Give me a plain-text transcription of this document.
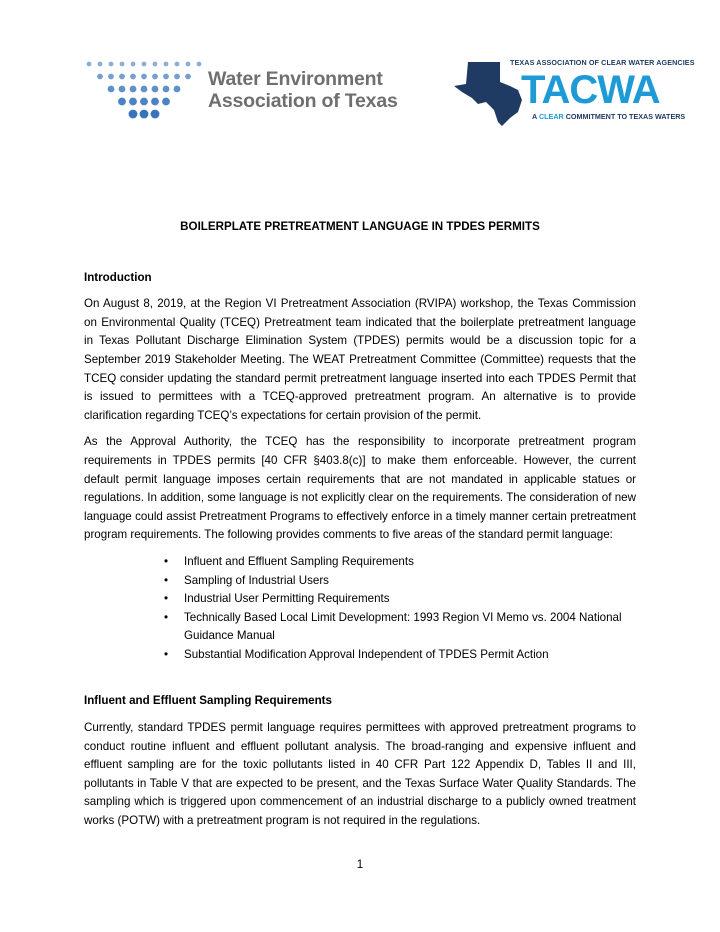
Water Environment
Association of Texas
TEXAS ASSOCIATION OF CLEAR WATER AGENCIES
TACWA
A CLEAR COMMITMENT TO TEXAS WATERS
BOILERPLATE PRETREATMENT LANGUAGE IN TPDES PERMITS
Introduction

On August 8, 2019, at the Region VI Pretreatment Association (RVIPA) workshop, the Texas Commission on Environmental Quality (TCEQ) Pretreatment team indicated that the boilerplate pretreatment language in Texas Pollutant Discharge Elimination System (TPDES) permits would be a discussion topic for a September 2019 Stakeholder Meeting. The WEAT Pretreatment Committee (Committee) requests that the TCEQ consider updating the standard permit pretreatment language inserted into each TPDES Permit that is issued to permittees with a TCEQ-approved pretreatment program. An alternative is to provide clarification regarding TCEQ’s expectations for certain provision of the permit.

As the Approval Authority, the TCEQ has the responsibility to incorporate pretreatment program requirements in TPDES permits [40 CFR §403.8(c)] to make them enforceable. However, the current default permit language imposes certain requirements that are not mandated in applicable statues or regulations. In addition, some language is not explicitly clear on the requirements. The consideration of new language could assist Pretreatment Programs to effectively enforce in a timely manner certain pretreatment program requirements. The following provides comments to five areas of the standard permit language:

• Influent and Effluent Sampling Requirements
• Sampling of Industrial Users
• Industrial User Permitting Requirements
• Technically Based Local Limit Development: 1993 Region VI Memo vs. 2004 National Guidance Manual
• Substantial Modification Approval Independent of TPDES Permit Action
Influent and Effluent Sampling Requirements

Currently, standard TPDES permit language requires permittees with approved pretreatment programs to conduct routine influent and effluent pollutant analysis. The broad-ranging and expensive influent and effluent sampling are for the toxic pollutants listed in 40 CFR Part 122 Appendix D, Tables II and III, pollutants in Table V that are expected to be present, and the Texas Surface Water Quality Standards. The sampling which is triggered upon commencement of an industrial discharge to a publicly owned treatment works (POTW) with a pretreatment program is not required in the regulations.

1
